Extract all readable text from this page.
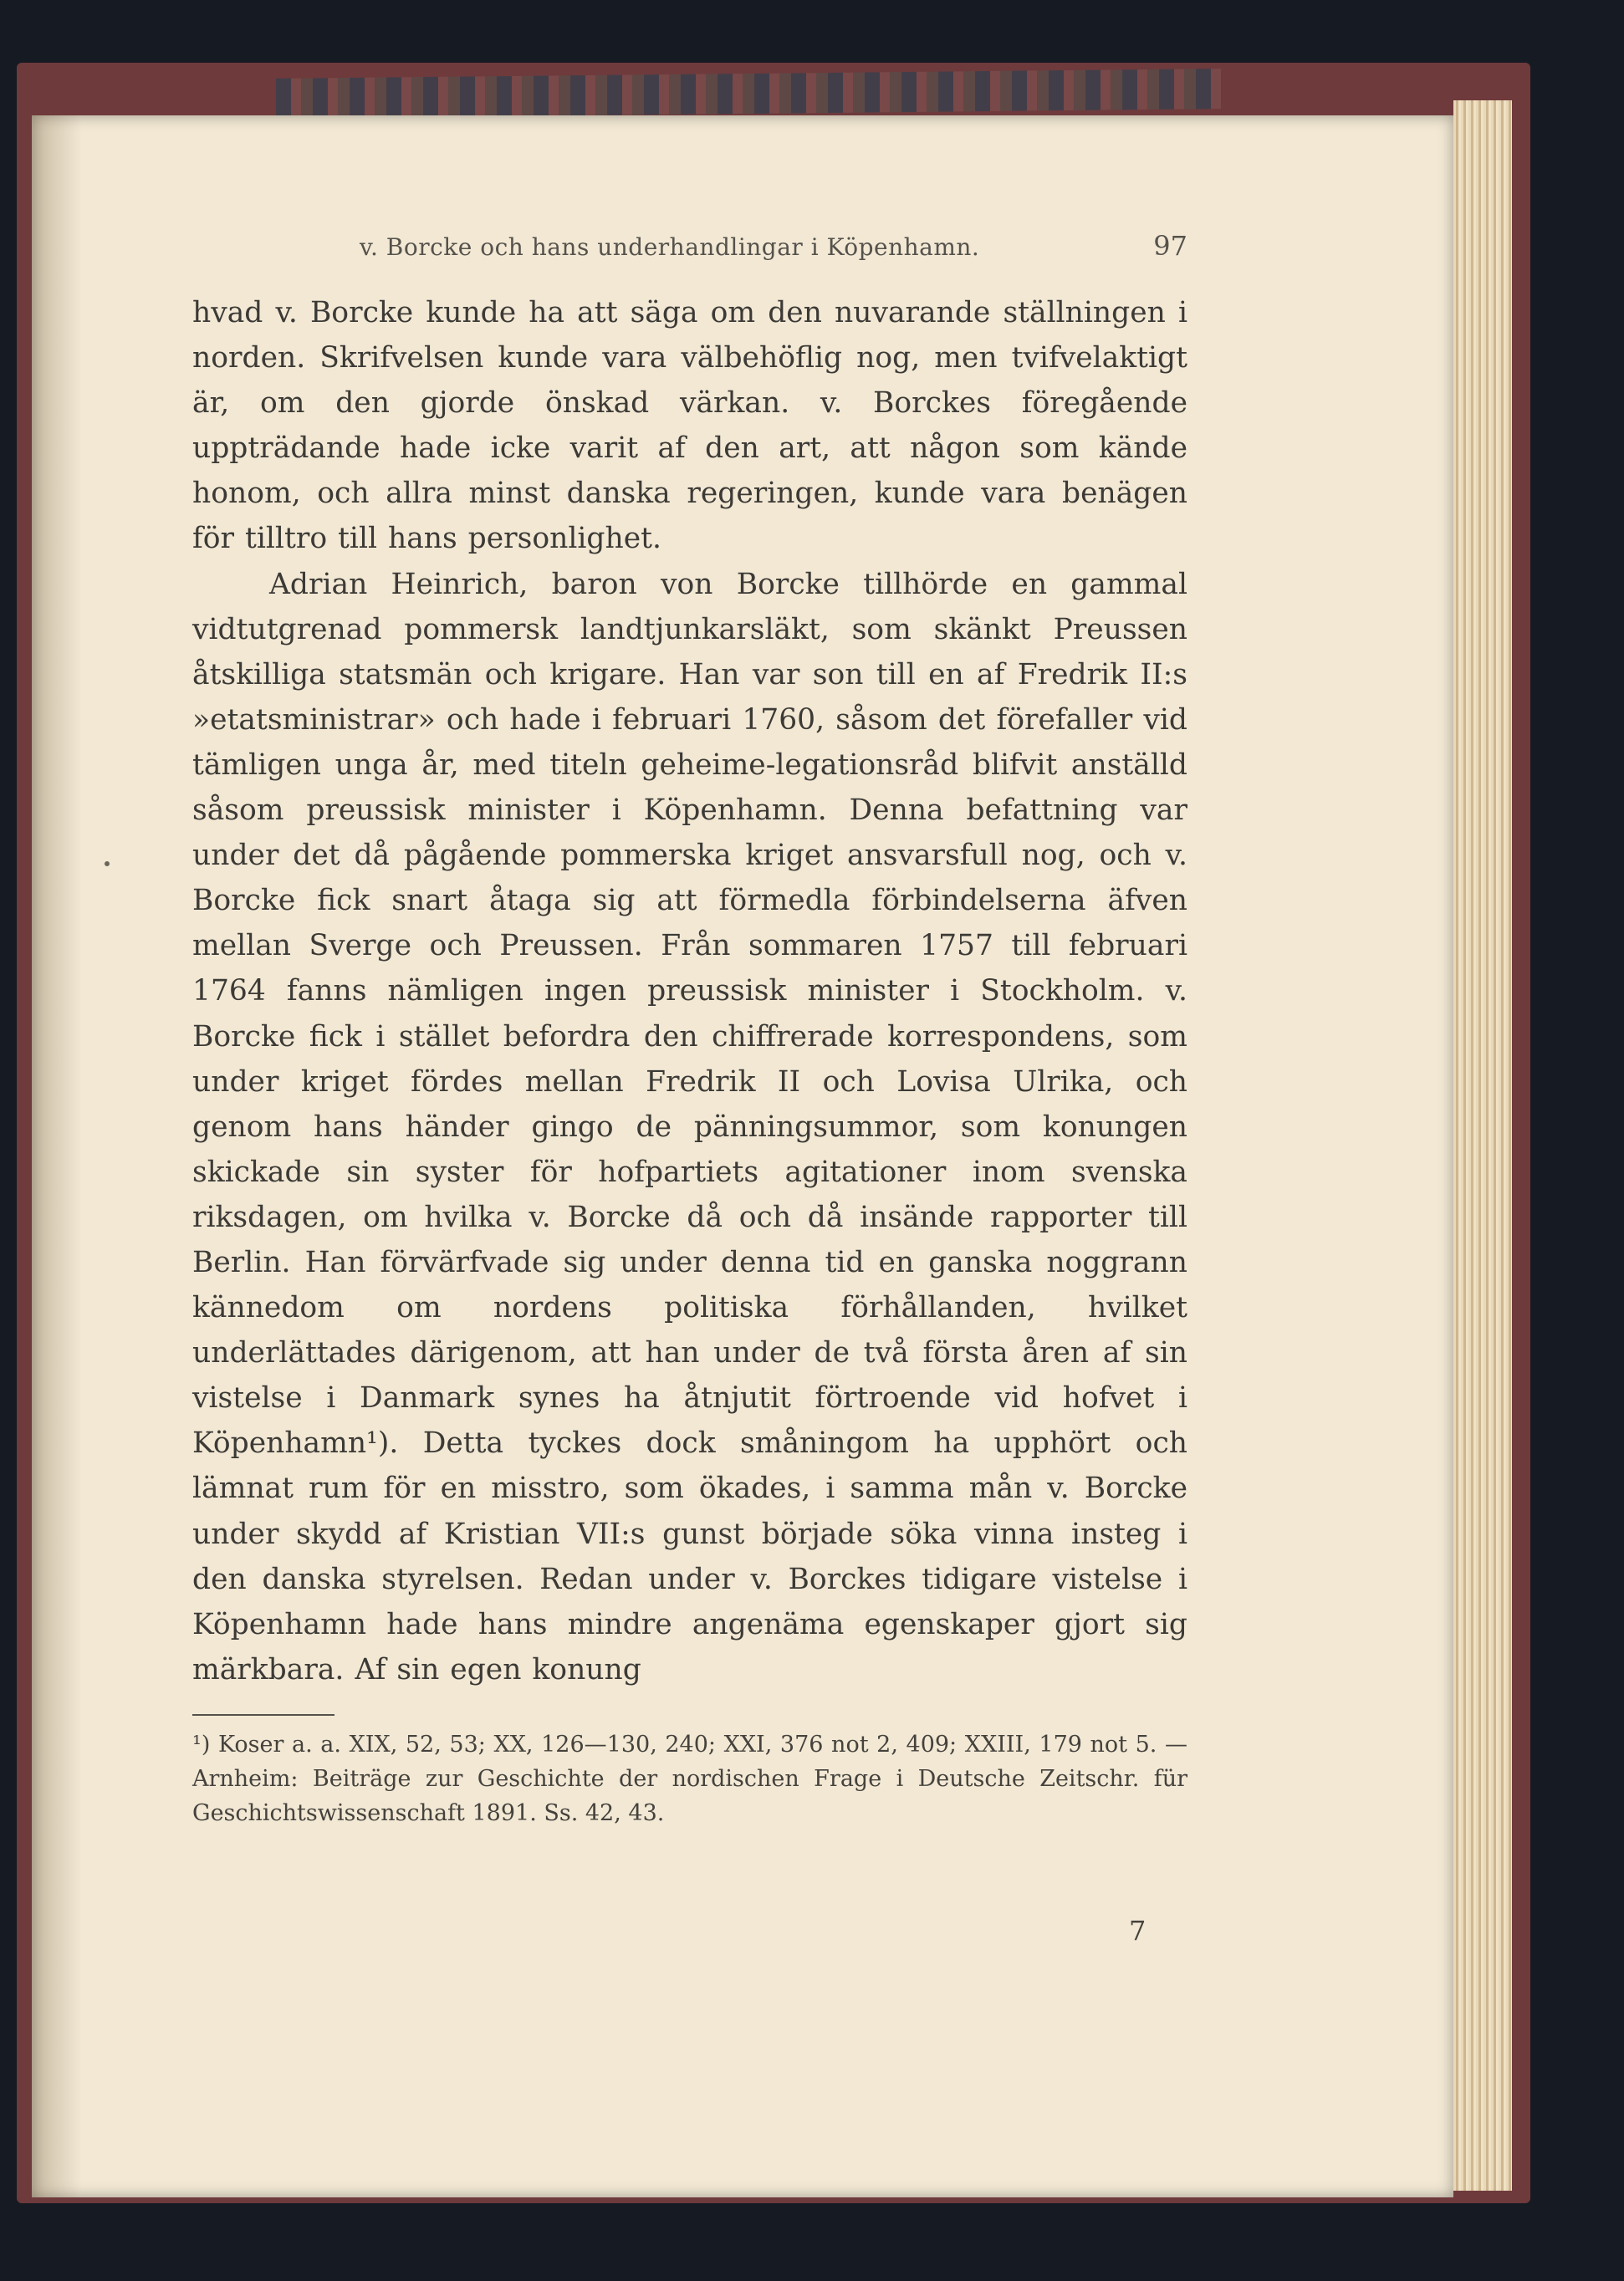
v. Borcke och hans underhandlingar i Köpenhamn.	97

hvad v. Borcke kunde ha att säga om den nuvarande ställningen i norden. Skrifvelsen kunde vara välbehöflig nog, men tvifvelaktigt är, om den gjorde önskad värkan. v. Borckes föregående uppträdande hade icke varit af den art, att någon som kände honom, och allra minst danska regeringen, kunde vara benägen för tilltro till hans personlighet.

Adrian Heinrich, baron von Borcke tillhörde en gammal vidtutgrenad pommersk landtjunkarsläkt, som skänkt Preussen åtskilliga statsmän och krigare. Han var son till en af Fredrik II:s »etatsministrar» och hade i februari 1760, såsom det förefaller vid tämligen unga år, med titeln geheime-legationsråd blifvit anställd såsom preussisk minister i Köpenhamn. Denna befattning var under det då pågående pommerska kriget ansvarsfull nog, och v. Borcke fick snart åtaga sig att förmedla förbindelserna äfven mellan Sverge och Preussen. Från sommaren 1757 till februari 1764 fanns nämligen ingen preussisk minister i Stockholm. v. Borcke fick i stället befordra den chiffrerade korrespondens, som under kriget fördes mellan Fredrik II och Lovisa Ulrika, och genom hans händer gingo de pänningsummor, som konungen skickade sin syster för hofpartiets agitationer inom svenska riksdagen, om hvilka v. Borcke då och då insände rapporter till Berlin. Han förvärfvade sig under denna tid en ganska noggrann kännedom om nordens politiska förhållanden, hvilket underlättades därigenom, att han under de två första åren af sin vistelse i Danmark synes ha åtnjutit förtroende vid hofvet i Köpenhamn¹). Detta tyckes dock småningom ha upphört och lämnat rum för en misstro, som ökades, i samma mån v. Borcke under skydd af Kristian VII:s gunst började söka vinna insteg i den danska styrelsen. Redan under v. Borckes tidigare vistelse i Köpenhamn hade hans mindre angenäma egenskaper gjort sig märkbara. Af sin egen konung

¹) Koser a. a. XIX, 52, 53; XX, 126—130, 240; XXI, 376 not 2, 409; XXIII, 179 not 5. — Arnheim: Beiträge zur Geschichte der nordischen Frage i Deutsche Zeitschr. für Geschichtswissenschaft 1891. Ss. 42, 43.
7
